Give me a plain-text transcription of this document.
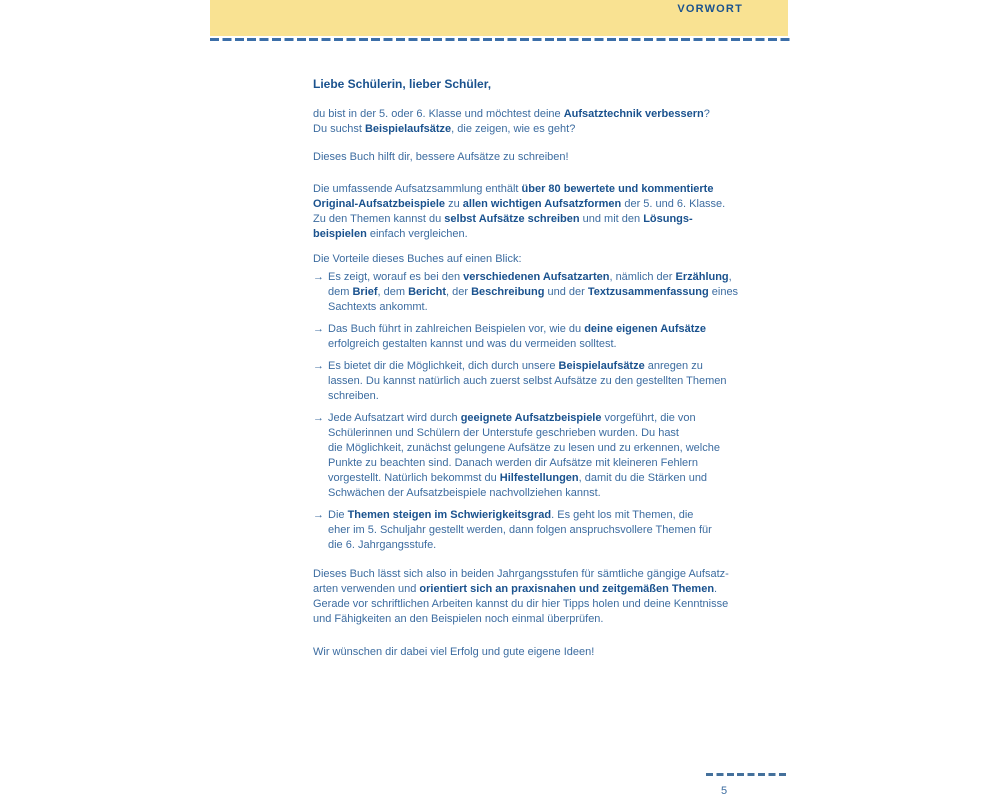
VORWORT

Liebe Schülerin, lieber Schüler,

du bist in der 5. oder 6. Klasse und möchtest deine Aufsatztechnik verbessern?
Du suchst Beispielaufsätze, die zeigen, wie es geht?

Dieses Buch hilft dir, bessere Aufsätze zu schreiben!

Die umfassende Aufsatzsammlung enthält über 80 bewertete und kommentierte
Original-Aufsatzbeispiele zu allen wichtigen Aufsatzformen der 5. und 6. Klasse.
Zu den Themen kannst du selbst Aufsätze schreiben und mit den Lösungs-
beispielen einfach vergleichen.

Die Vorteile dieses Buches auf einen Blick:

→ Es zeigt, worauf es bei den verschiedenen Aufsatzarten, nämlich der Erzählung,
dem Brief, dem Bericht, der Beschreibung und der Textzusammenfassung eines
Sachtexts ankommt.
→ Das Buch führt in zahlreichen Beispielen vor, wie du deine eigenen Aufsätze
erfolgreich gestalten kannst und was du vermeiden solltest.
→ Es bietet dir die Möglichkeit, dich durch unsere Beispielaufsätze anregen zu
lassen. Du kannst natürlich auch zuerst selbst Aufsätze zu den gestellten Themen
schreiben.
→ Jede Aufsatzart wird durch geeignete Aufsatzbeispiele vorgeführt, die von
Schülerinnen und Schülern der Unterstufe geschrieben wurden. Du hast
die Möglichkeit, zunächst gelungene Aufsätze zu lesen und zu erkennen, welche
Punkte zu beachten sind. Danach werden dir Aufsätze mit kleineren Fehlern
vorgestellt. Natürlich bekommst du Hilfestellungen, damit du die Stärken und
Schwächen der Aufsatzbeispiele nachvollziehen kannst.
→ Die Themen steigen im Schwierigkeitsgrad. Es geht los mit Themen, die
eher im 5. Schuljahr gestellt werden, dann folgen anspruchsvollere Themen für
die 6. Jahrgangsstufe.

Dieses Buch lässt sich also in beiden Jahrgangsstufen für sämtliche gängige Aufsatz-
arten verwenden und orientiert sich an praxisnahen und zeitgemäßen Themen.
Gerade vor schriftlichen Arbeiten kannst du dir hier Tipps holen und deine Kenntnisse
und Fähigkeiten an den Beispielen noch einmal überprüfen.

Wir wünschen dir dabei viel Erfolg und gute eigene Ideen!

5
